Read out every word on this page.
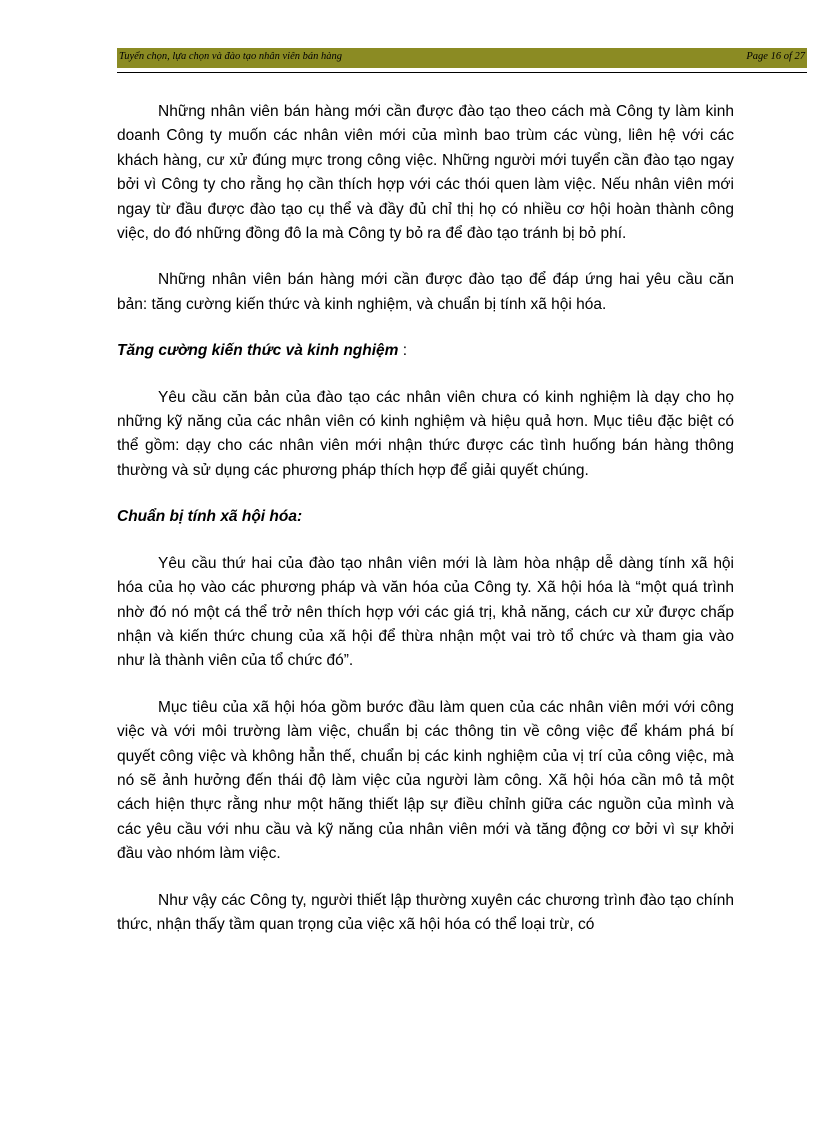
Tuyển chọn, lựa chọn và đào tạo nhân viên bán hàng	Page 16 of 27

Những nhân viên bán hàng mới cần được đào tạo theo cách mà Công ty làm kinh doanh Công ty muốn các nhân viên mới của mình bao trùm các vùng, liên hệ với các khách hàng, cư xử đúng mực trong công việc. Những người mới tuyển cần đào tạo ngay bởi vì Công ty cho rằng họ cần thích hợp với các thói quen làm việc. Nếu nhân viên mới ngay từ đầu được đào tạo cụ thể và đầy đủ chỉ thị họ có nhiều cơ hội hoàn thành công việc, do đó những đồng đô la mà Công ty bỏ ra để đào tạo tránh bị bỏ phí.

Những nhân viên bán hàng mới cần được đào tạo để đáp ứng hai yêu cầu căn bản: tăng cường kiến thức và kinh nghiệm, và chuẩn bị tính xã hội hóa.

Tăng cường kiến thức và kinh nghiệm :

Yêu cầu căn bản của đào tạo các nhân viên chưa có kinh nghiệm là dạy cho họ những kỹ năng của các nhân viên có kinh nghiệm và hiệu quả hơn. Mục tiêu đặc biệt có thể gồm: dạy cho các nhân viên mới nhận thức được các tình huống bán hàng thông thường và sử dụng các phương pháp thích hợp để giải quyết chúng.

Chuẩn bị tính xã hội hóa:

Yêu cầu thứ hai của đào tạo nhân viên mới là làm hòa nhập dễ dàng tính xã hội hóa của họ vào các phương pháp và văn hóa của Công ty. Xã hội hóa là “một quá trình nhờ đó nó một cá thể trở nên thích hợp với các giá trị, khả năng, cách cư xử được chấp nhận và kiến thức chung của xã hội để thừa nhận một vai trò tổ chức và tham gia vào như là thành viên của tổ chức đó”.

Mục tiêu của xã hội hóa gồm bước đầu làm quen của các nhân viên mới với công việc và với môi trường làm việc, chuẩn bị các thông tin về công việc để khám phá bí quyết công việc và không hẳn thế, chuẩn bị các kinh nghiệm của vị trí của công việc, mà nó sẽ ảnh hưởng đến thái độ làm việc của người làm công. Xã hội hóa cần mô tả một cách hiện thực rằng như một hãng thiết lập sự điều chỉnh giữa các nguồn của mình và các yêu cầu với nhu cầu và kỹ năng của nhân viên mới và tăng động cơ bởi vì sự khởi đầu vào nhóm làm việc.

Như vậy các Công ty, người thiết lập thường xuyên các chương trình đào tạo chính thức, nhận thấy tầm quan trọng của việc xã hội hóa có thể loại trừ, có
